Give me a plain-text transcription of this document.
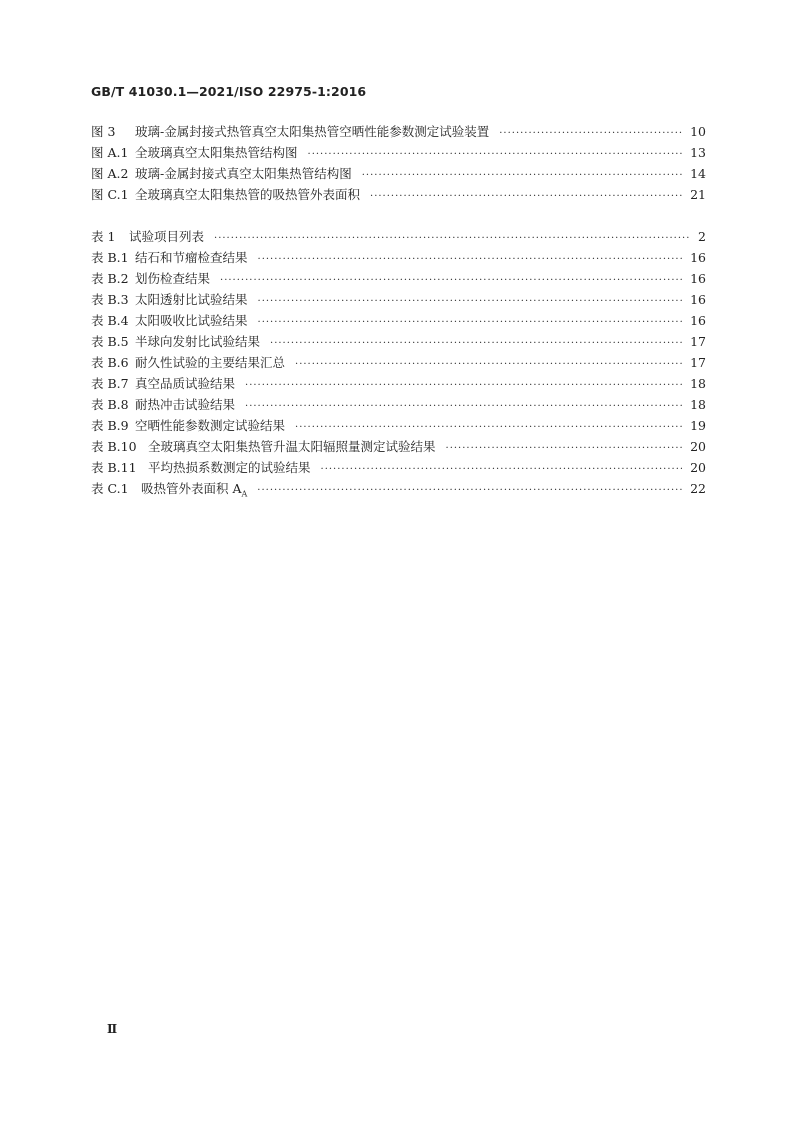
GB/T 41030.1—2021/ISO 22975-1:2016
图 3	玻璃-金属封接式热管真空太阳集热管空晒性能参数测定试验装置 ·····	10
图 A.1 全玻璃真空太阳集热管结构图 ·····	13
图 A.2 玻璃-金属封接式真空太阳集热管结构图 ·····	14
图 C.1 全玻璃真空太阳集热管的吸热管外表面积 ·····	21
表 1	试验项目列表 ·····	2
表 B.1 结石和节瘤检查结果 ·····	16
表 B.2 划伤检查结果 ·····	16
表 B.3 太阳透射比试验结果 ·····	16
表 B.4 太阳吸收比试验结果 ·····	16
表 B.5 半球向发射比试验结果 ·····	17
表 B.6 耐久性试验的主要结果汇总 ·····	17
表 B.7 真空品质试验结果 ·····	18
表 B.8 耐热冲击试验结果 ·····	18
表 B.9 空晒性能参数测定试验结果 ·····	19
表 B.10 全玻璃真空太阳集热管升温太阳辐照量测定试验结果 ·····	20
表 B.11 平均热损系数测定的试验结果 ·····	20
表 C.1 吸热管外表面积 $A_A$ ·····	22
Ⅱ
